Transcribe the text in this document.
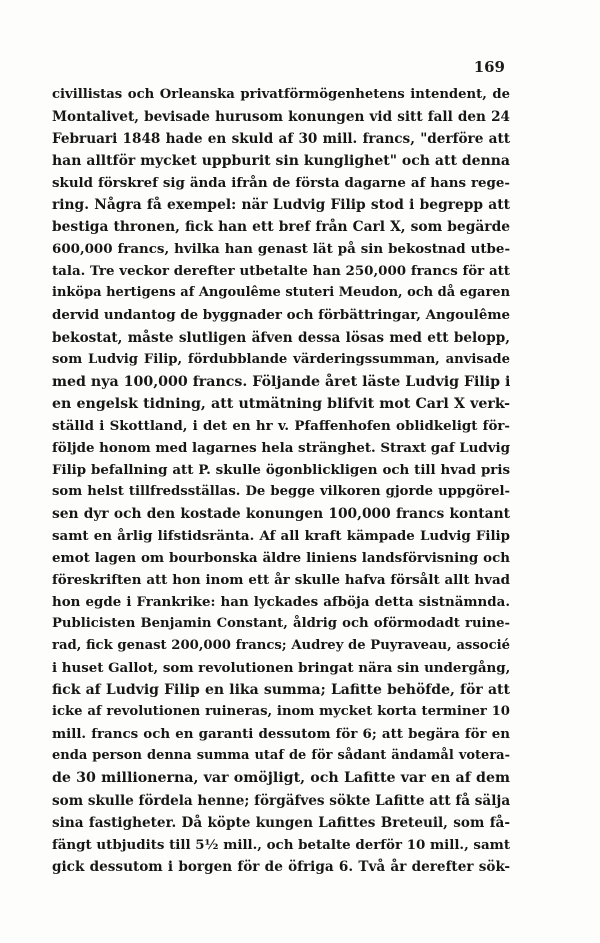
169
civillistas och Orleanska privatförmögenhetens intendent, de
Montalivet, bevisade hurusom konungen vid sitt fall den 24
Februari 1848 hade en skuld af 30 mill. francs, "derföre att
han alltför mycket uppburit sin kunglighet" och att denna
skuld förskref sig ända ifrån de första dagarne af hans rege-
ring. Några få exempel: när Ludvig Filip stod i begrepp att
bestiga thronen, fick han ett bref från Carl X, som begärde
600,000 francs, hvilka han genast lät på sin bekostnad utbe-
tala. Tre veckor derefter utbetalte han 250,000 francs för att
inköpa hertigens af Angoulême stuteri Meudon, och då egaren
dervid undantog de byggnader och förbättringar, Angoulême
bekostat, måste slutligen äfven dessa lösas med ett belopp,
som Ludvig Filip, fördubblande värderingssumman, anvisade
med nya 100,000 francs. Följande året läste Ludvig Filip i
en engelsk tidning, att utmätning blifvit mot Carl X verk-
ställd i Skottland, i det en hr v. Pfaffenhofen oblidkeligt för-
följde honom med lagarnes hela stränghet. Straxt gaf Ludvig
Filip befallning att P. skulle ögonblickligen och till hvad pris
som helst tillfredsställas. De begge vilkoren gjorde uppgörel-
sen dyr och den kostade konungen 100,000 francs kontant
samt en årlig lifstidsränta. Af all kraft kämpade Ludvig Filip
emot lagen om bourbonska äldre liniens landsförvisning och
föreskriften att hon inom ett år skulle hafva försålt allt hvad
hon egde i Frankrike: han lyckades afböja detta sistnämnda.
Publicisten Benjamin Constant, åldrig och oförmodadt ruine-
rad, fick genast 200,000 francs; Audrey de Puyraveau, associé
i huset Gallot, som revolutionen bringat nära sin undergång,
fick af Ludvig Filip en lika summa; Lafitte behöfde, för att
icke af revolutionen ruineras, inom mycket korta terminer 10
mill. francs och en garanti dessutom för 6; att begära för en
enda person denna summa utaf de för sådant ändamål votera-
de 30 millionerna, var omöjligt, och Lafitte var en af dem
som skulle fördela henne; förgäfves sökte Lafitte att få sälja
sina fastigheter. Då köpte kungen Lafittes Breteuil, som få-
fängt utbjudits till 5½ mill., och betalte derför 10 mill., samt
gick dessutom i borgen för de öfriga 6. Två år derefter sök-
